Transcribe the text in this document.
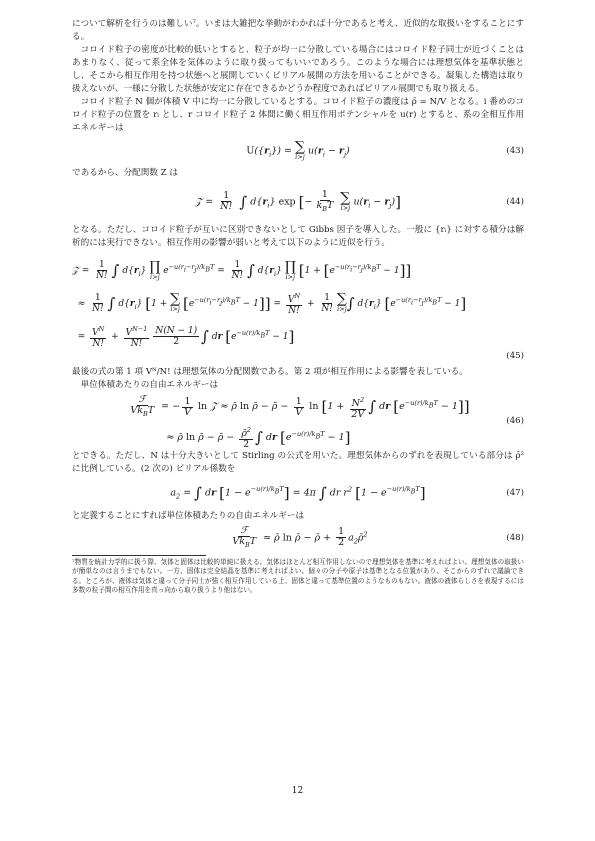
について解析を行うのは難しい⁷。いまは大雑把な挙動がわかれば十分であると考え、近似的な取扱いをすることにする。

コロイド粒子の密度が比較的低いとすると、粒子が均一に分散している場合にはコロイド粒子同士が近づくことはあまりなく、従って系全体を気体のように取り扱ってもいいであろう。このような場合には理想気体を基準状態とし、そこから相互作用を持つ状態へと展開していくビリアル展開の方法を用いることができる。凝集した構造は取り扱えないが、一様に分散した状態が安定に存在できるかどうか程度であればビリアル展開でも取り扱える。

コロイド粒子 N 個が体積 V 中に均一に分散しているとする。コロイド粒子の濃度は ρ̄ = N/V となる。i 番めのコロイド粒子の位置を rᵢ とし、r コロイド粒子 2 体間に働く相互作用ポテンシャルを u(r) とすると、系の全相互作用エネルギーは

$U(\{r_i\})$ = ∑
i>j
$u(r_i - r_j)$	(43)

であるから、分配関数 Z は

𝒵 = $\frac{1}{N!}$ ∫ $d\{r_i\}$ exp [− $\frac{1}{k_BT}$
∑
i>j
$u(r_i - r_j)$]	(44)

となる。ただし、コロイド粒子が互いに区別できないとして Gibbs 因子を導入した。一般に {rᵢ} に対する積分は解析的には実行できない。相互作用の影響が弱いと考えて以下のように近似を行う。

𝒵 = $\frac{1}{N!}$ ∫ $d\{r_i\}$ ∏
i>j
$e^{-u(r_i-r_j)/k_BT} = \frac{1}{N!}$ ∫ $d\{r_i\}$ ∏
i>j $[1 + [e^{-u(r_i-r_j)/k_BT} - 1]]$
≈ $\frac{1}{N!}$ ∫ $d\{r_i\} [1$ + ∑
i>j $[e^{-u(r_i-r_j)/k_BT} - 1]] = \frac{V^N}{N!} + \frac{1}{N!}$ ∑
i>j ∫ $d\{r_i\} [e^{-u(r_i-r_j)/k_BT} - 1]$
= $\frac{V^N}{N!} + \frac{V^{N-1}}{N!} \frac{N(N - 1)}{2}$ ∫ dr $[e^{-u(r)/k_BT} - 1]$
(45)

最後の式の第 1 項 Vᴺ/N! は理想気体の分配関数である。第 2 項が相互作用による影響を表している。

単位体積あたりの自由エネルギーは

$\frac{\text{ℱ}}{Vk_BT}$ = − $\frac{1}{V}$ ln 𝒵 ≈ ρ̄ ln ρ̄ − ρ̄ − $\frac{1}{V}$ $\ln [1 + \frac{N^2}{2V}$ ∫ dr $[e^{-u(r)/k_BT} - 1]$]
≈ ρ̄ ln ρ̄ − ρ̄ − $\frac{\rhō^2}{2}$ ∫ dr $[e^{-u(r)/k_BT} - 1]$
(46)

とできる。ただし、N は十分大きいとして Stirling の公式を用いた。理想気体からのずれを表現している部分は ρ̄² に比例している。(2 次の) ビリアル係数を

$a_2$ = ∫ dr $[1 - e^{-u(r)/k_BT}] = 4\pi$ ∫ dr $r^2$ $[1 - e^{-u(r)/k_BT}]$	(47)

と定義することにすれば単位体積あたりの自由エネルギーは

$\frac{\text{ℱ}}{Vk_BT}$ ≈ ρ̄ ln ρ̄ − ρ̄ + $\frac{1}{2}$ $a_2\rhō^2$	(48)

⁷物質を統計力学的に扱う際、気体と固体は比較的単純に扱える。気体はほとんど相互作用しないので理想気体を基準に考えればよい。理想気体の取扱いが簡単なのは言うまでもない。一方、固体は完全結晶を基準に考えればよい。個々の分子や原子は基準となる位置があり、そこからのずれで議論できる。ところが、液体は気体と違って分子同士が強く相互作用している上、固体と違って基準位置のようなものもない。液体の液体らしさを表現するには多数の粒子間の相互作用を真っ向から取り扱うより他はない。

12
